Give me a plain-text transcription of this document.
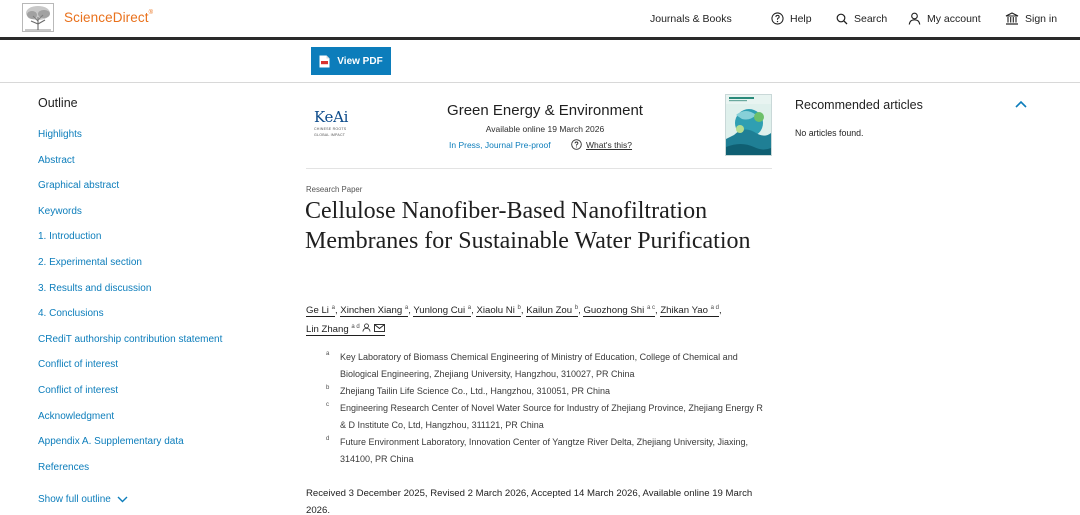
ScienceDirect®	Journals & Books	Help	Search	My account	Sign in
View PDF
Outline
Highlights
Abstract
Graphical abstract
Keywords
1. Introduction
2. Experimental section
3. Results and discussion
4. Conclusions
CRediT authorship contribution statement
Conflict of interest
Conflict of interest
Acknowledgment
Appendix A. Supplementary data
References
Show full outline
KeAi
CHINESE ROOTS
GLOBAL IMPACT
Green Energy & Environment
Available online 19 March 2026
In Press, Journal Pre-proof	What's this?
Research Paper
Cellulose Nanofiber-Based Nanofiltration Membranes for Sustainable Water Purification
Ge Li $^a$, Xinchen Xiang $^a$, Yunlong Cui $^a$, Xiaolu Ni $^b$, Kailun Zou $^b$, Guozhong Shi $^{a c}$, Zhikan Yao $^{a d}$,
Lin Zhang $^{a d}$
a Key Laboratory of Biomass Chemical Engineering of Ministry of Education, College of Chemical and Biological Engineering, Zhejiang University, Hangzhou, 310027, PR China
b Zhejiang Tailin Life Science Co., Ltd., Hangzhou, 310051, PR China
c Engineering Research Center of Novel Water Source for Industry of Zhejiang Province, Zhejiang Energy R & D Institute Co, Ltd, Hangzhou, 311121, PR China
d Future Environment Laboratory, Innovation Center of Yangtze River Delta, Zhejiang University, Jiaxing, 314100, PR China
Received 3 December 2025, Revised 2 March 2026, Accepted 14 March 2026, Available online 19 March 2026.
Recommended articles
No articles found.
